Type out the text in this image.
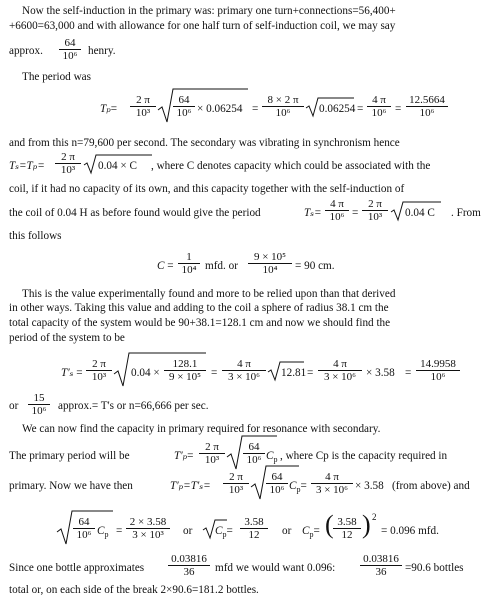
Now the self-induction in the primary was: primary one turn+connections=56,400+
+6600=63,000 and with allowance for one half turn of self-induction coil, we may say
approx. $\frac{64}{\text{10⁶}}$ henry.
The period was
$T_p= \frac{2 \pi}{\text{10³}} \frac{64}{\text{10⁶}} \times 0.06254 = \frac{8 \times 2 \pi}{\text{10⁶}} 0.06254 = \frac{4 \pi}{\text{10⁶}} = \frac{12.5664}{\text{10⁶}}$
and from this n=79,600 per second. The secondary was vibrating in synchronism hence
$T_s=T_p= \frac{2 \pi}{\text{10³}} 0.04 \times C$ , where C denotes capacity which could be associated with the
coil, if it had no capacity of its own, and this capacity together with the self-induction of
the coil of 0.04 H as before found would give the period	$T_s= \frac{4 \pi}{\text{10⁶}} = \frac{2 \pi}{\text{10³}} 0.04$ C . From
this follows
$C = \frac{1}{\text{10⁴}}$ mfd. or $\frac{\text{9 × 10⁵}}{\text{10⁴}} = 90$ cm.
This is the value experimentally found and more to be relied upon than that derived
in other ways. Taking this value and adding to the coil a sphere of radius 38.1 cm the
total capacity of the system would be 90+38.1=128.1 cm and now we should find the
period of the system to be
$T'_s = \frac{2 \pi}{\text{10³}} 0.04 \times \frac{128.1}{\text{9 × 10⁵}} = \frac{4 \pi}{\text{3 × 10⁶}} 12.81 = \frac{4 \pi}{\text{3 × 10⁶}} \times 3.58 = \frac{14.9958}{\text{10⁶}}$
or $\frac{15}{\text{10⁶}}$ approx.= T's or n=66,666 per sec.
We can now find the capacity in primary required for resonance with secondary.
The primary period will be	$T'_p= \frac{2 \pi}{\text{10³}} \frac{64}{\text{10⁶}} C_p$ , where Cp is the capacity required in
primary. Now we have then	$T'_p=T'_s= \frac{2 \pi}{\text{10³}} \frac{64}{\text{10⁶}} C_p= \frac{4 \pi}{\text{3 × 10⁶}} \times 3.58$ (from above) and
$\frac{64}{\text{10⁶}} C_p = \frac{2 \times 3.58}{\text{3 × 10³}}$ or $C_p= \frac{3.58}{12}$ or $C_p=$ ( $\frac{3.58}{12}$ ) 2
= 0.096 mfd.
Since one bottle approximates $\frac{0.03816}{36}$ mfd we would want 0.096: $\frac{0.03816}{36} =90.6$ bottles
total or, on each side of the break 2×90.6=181.2 bottles.
